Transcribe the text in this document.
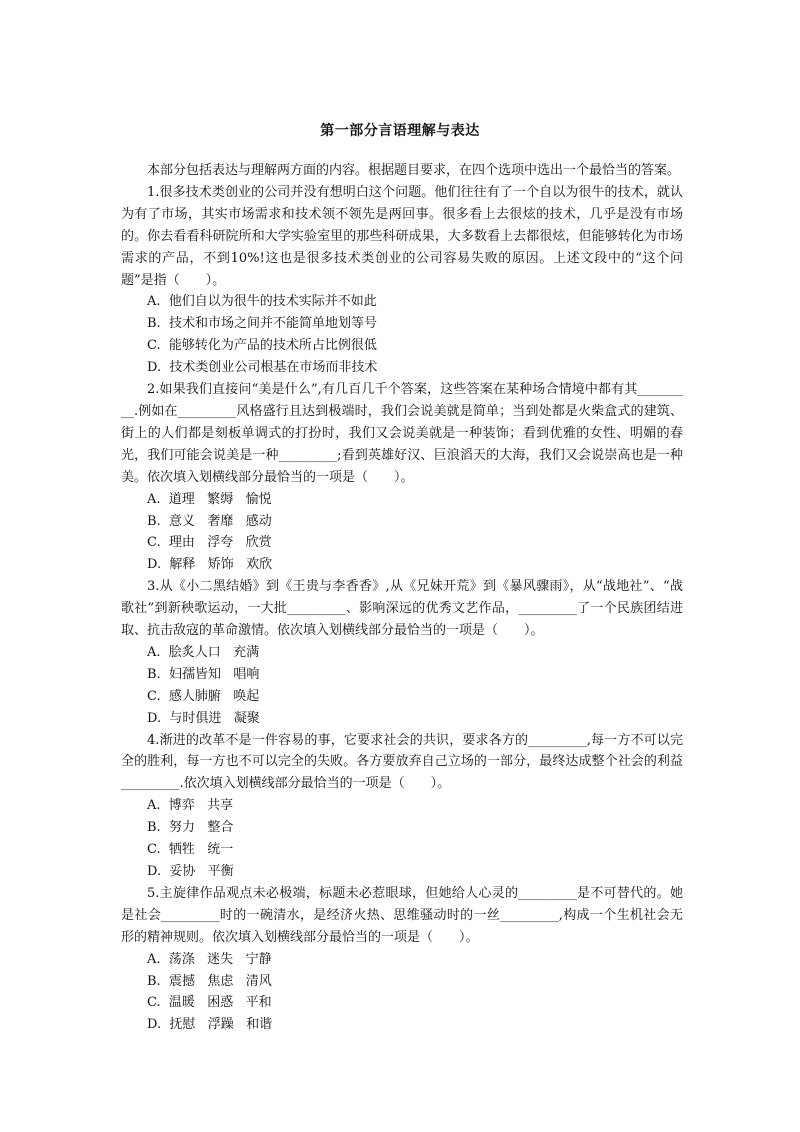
第一部分言语理解与表达

本部分包括表达与理解两方面的内容。根据题目要求，在四个选项中选出一个最恰当的答案。

1.很多技术类创业的公司并没有想明白这个问题。他们往往有了一个自以为很牛的技术，就认为有了市场，其实市场需求和技术领不领先是两回事。很多看上去很炫的技术，几乎是没有市场的。你去看看科研院所和大学实验室里的那些科研成果，大多数看上去都很炫，但能够转化为市场需求的产品，不到10%!这也是很多技术类创业的公司容易失败的原因。上述文段中的“这个问题”是指（　　）。

A.  他们自以为很牛的技术实际并不如此

B.  技术和市场之间并不能简单地划等号

C.  能够转化为产品的技术所占比例很低

D.  技术类创业公司根基在市场而非技术

2.如果我们直接问“美是什么”,有几百几千个答案，这些答案在某种场合情境中都有其_________.例如在_________风格盛行且达到极端时，我们会说美就是简单；当到处都是火柴盒式的建筑、街上的人们都是刻板单调式的打扮时，我们又会说美就是一种装饰；看到优雅的女性、明媚的春光，我们可能会说美是一种_________;看到英雄好汉、巨浪滔天的大海，我们又会说崇高也是一种美。依次填入划横线部分最恰当的一项是（　　）。

A.  道理   繁缛   愉悦

B.  意义   奢靡   感动

C.  理由   浮夸   欣赏

D.  解释   矫饰   欢欣

3.从《小二黑结婚》到《王贵与李香香》,从《兄妹开荒》到《暴风骤雨》，从“战地社”、“战歌社”到新秧歌运动，一大批_________、影响深远的优秀文艺作品，_________了一个民族团结进取、抗击敌寇的革命激情。依次填入划横线部分最恰当的一项是（　　）。

A.  脍炙人口   充满

B.  妇孺皆知   唱响

C.  感人肺腑   唤起

D.  与时俱进   凝聚

4.渐进的改革不是一件容易的事，它要求社会的共识，要求各方的_________,每一方不可以完全的胜利，每一方也不可以完全的失败。各方要放弃自己立场的一部分，最终达成整个社会的利益_________.依次填入划横线部分最恰当的一项是（　　）。

A.  博弈   共享

B.  努力   整合

C.  牺牲   统一

D.  妥协   平衡

5.主旋律作品观点未必极端，标题未必惹眼球，但她给人心灵的_________是不可替代的。她是社会_________时的一碗清水，是经济火热、思维骚动时的一丝_________,构成一个生机社会无形的精神规则。依次填入划横线部分最恰当的一项是（　　）。

A.  荡涤   迷失   宁静

B.  震撼   焦虑   清风

C.  温暖   困惑   平和

D.  抚慰   浮躁   和谐
